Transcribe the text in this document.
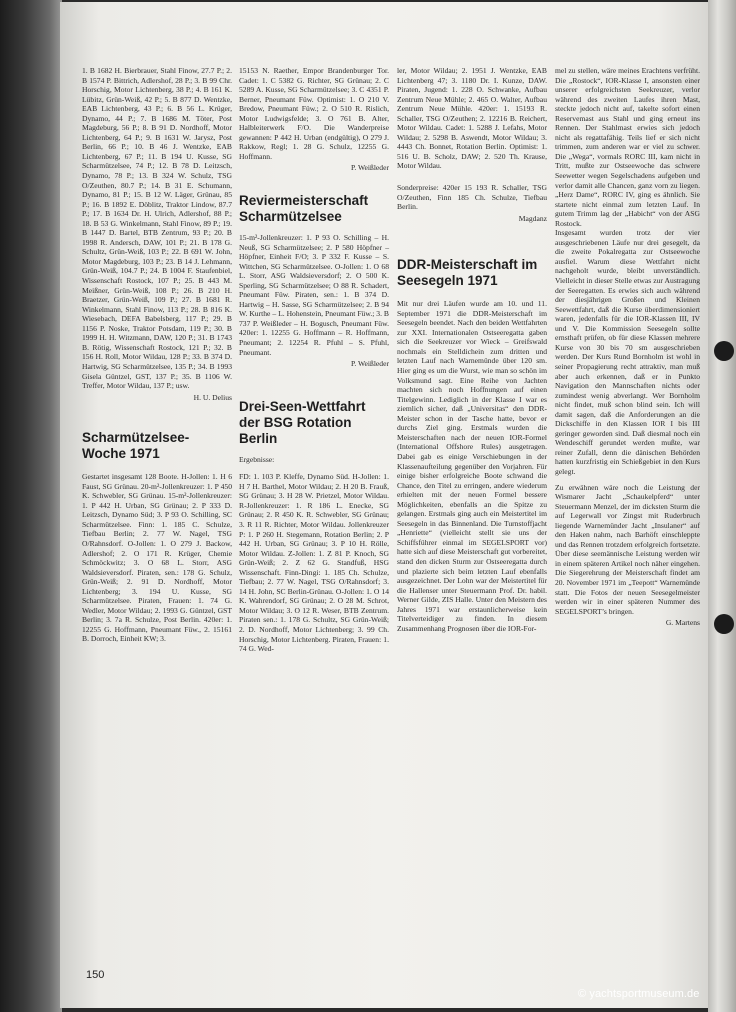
1. B 1682 H. Bierbrauer, Stahl Finow, 27.7 P.; 2. B 1574 P. Bittrich, Adlershof, 28 P.; 3. B 99 Chr. Horschig, Motor Lichtenberg, 38 P.; 4. B 161 K. Lübitz, Grün-Weiß, 42 P.; 5. B 877 D. Wentzke, EAB Lichtenberg, 43 P.; 6. B 56 L. Krüger, Dynamo, 44 P.; 7. B 1686 M. Töter, Post Magdeburg, 56 P.; 8. B 91 D. Nordhoff, Motor Lichtenberg, 64 P.; 9. B 1631 W. Jarysz, Post Berlin, 66 P.; 10. B 46 J. Wentzke, EAB Lichtenberg, 67 P.; 11. B 194 U. Kusse, SG Scharmützelsee, 74 P.; 12. B 78 D. Leitzsch, Dynamo, 78 P.; 13. B 324 W. Schulz, TSG O/Zeuthen, 80.7 P.; 14. B 31 E. Schumann, Dynamo, 81 P.; 15. B 12 W. Läger, Grünau, 85 P.; 16. B 1892 E. Döblitz, Traktor Lindow, 87.7 P.; 17. B 1634 Dr. H. Ulrich, Adlershof, 88 P.; 18. B 53 G. Winkelmann, Stahl Finow, 89 P.; 19. B 1447 D. Bartel, BTB Zentrum, 93 P.; 20. B 1998 R. Andersch, DAW, 101 P.; 21. B 178 G. Schultz, Grün-Weiß, 103 P.; 22. B 691 W. John, Motor Magdeburg, 103 P.; 23. B 14 J. Lehmann, Grün-Weiß, 104.7 P.; 24. B 1004 F. Staufenbiel, Wissenschaft Rostock, 107 P.; 25. B 443 M. Meißner, Grün-Weiß, 108 P.; 26. B 210 H. Braetzer, Grün-Weiß, 109 P.; 27. B 1681 R. Winkelmann, Stahl Finow, 113 P.; 28. B 816 K. Wiesebach, DEFA Babelsberg, 117 P.; 29. B 1156 P. Noske, Traktor Potsdam, 119 P.; 30. B 1999 H. H. Witzmann, DAW, 120 P.; 31. B 1743 B. Rötig, Wissenschaft Rostock, 121 P.; 32. B 156 H. Roll, Motor Wildau, 128 P.; 33. B 374 D. Hartwig, SG Scharmützelsee, 135 P.; 34. B 1993 Gisela Güntzel, GST, 137 P.; 35. B 1106 W. Treffer, Motor Wildau, 137 P.; usw.

H. U. Delius

Scharmützelsee-Woche 1971

Gestartet insgesamt 128 Boote. H-Jollen: 1. H 6 Faust, SG Grünau. 20-m²-Jollenkreuzer: 1. P 450 K. Schwebler, SG Grünau. 15-m²-Jollenkreuzer: 1. P 442 H. Urban, SG Grünau; 2. P 333 D. Leitzsch, Dynamo Süd; 3. P 93 O. Schilling, SC Scharmützelsee. Finn: 1. 185 C. Schulze, Tiefbau Berlin; 2. 77 W. Nagel, TSG O/Rahnsdorf. O-Jollen: 1. O 279 J. Backow, Adlershof; 2. O 171 R. Krüger, Chemie Schmöckwitz; 3. O 68 L. Storr, ASG Waldsieversdorf. Piraten, sen.: 178 G. Schulz, Grün-Weiß; 2. 91 D. Nordhoff, Motor Lichtenberg; 3. 194 U. Kusse, SG Scharmützelsee. Piraten, Frauen: 1. 74 G. Wedler, Motor Wildau; 2. 1993 G. Güntzel, GST Berlin; 3. 7a R. Schulze, Post Berlin. 420er: 1. 12255 G. Hoffmann, Pneumant Füw., 2. 15161 B. Dorroch, Einheit KW; 3.

15153 N. Raether, Empor Brandenburger Tor. Cadet: 1. C 5382 G. Richter, SG Grünau; 2. C 5289 A. Kusse, SG Scharmützelsee; 3. C 4351 P. Berner, Pneumant Füw. Optimist: 1. O 210 V. Bredow, Pneumant Füw.; 2. O 510 R. Rislich, Motor Ludwigsfelde; 3. O 761 B. Alter, Halbleiterwerk F/O. Die Wanderpreise gewannen: P 442 H. Urban (endgültig), O 279 J. Rakkow, Regl; 1. 28 G. Schulz, 12255 G. Hoffmann.

P. Weißleder

Reviermeisterschaft Scharmützelsee

15-m²-Jollenkreuzer: 1. P 93 O. Schilling – H. Neuß, SG Scharmützelsee; 2. P 580 Höpfner – Höpfner, Einheit F/O; 3. P 332 F. Kusse – S. Wittchen, SG Scharmützelsee. O-Jollen: 1. O 68 L. Storr, ASG Waldsieversdorf; 2. O 500 K. Sperling, SG Scharmützelsee; O 88 R. Schadert, Pneumant Füw. Piraten, sen.: 1. B 374 D. Hartwig – H. Sasse, SG Scharmützelsee; 2. B 94 W. Kurthe – L. Hohenstein, Pneumant Füw.; 3. B 737 P. Weißleder – H. Bogusch, Pneumant Füw. 420er: 1. 12255 G. Hoffmann – R. Hoffmann, Pneumant; 2. 12254 R. Pfuhl – S. Pfuhl, Pneumant.

P. Weißleder

Drei-Seen-Wettfahrt der BSG Rotation Berlin

Ergebnisse:

FD: 1. 103 P. Kleffe, Dynamo Süd. H-Jollen: 1. H 7 H. Barthel, Motor Wildau; 2. H 20 B. Frauß, SG Grünau; 3. H 28 W. Prietzel, Motor Wildau. R-Jollenkreuzer: 1. R 186 L. Enecke, SG Grünau; 2. R 450 K. R. Schwebler, SG Grünau; 3. R 11 R. Richter, Motor Wildau. Jollenkreuzer P: 1. P 260 H. Stegemann, Rotation Berlin; 2. P 442 H. Urban, SG Grünau; 3. P 10 H. Rölle, Motor Wildau. Z-Jollen: 1. Z 81 P. Knoch, SG Grün-Weiß; 2. Z 62 G. Standfuß, HSG Wissenschaft. Finn-Dingi: 1. 185 Ch. Schulze, Tiefbau; 2. 77 W. Nagel, TSG O/Rahnsdorf; 3. 14 H. John, SC Berlin-Grünau. O-Jollen: 1. O 14 K. Wahrendorf, SG Grünau; 2. O 28 M. Schrot, Motor Wildau; 3. O 12 R. Weser, BTB Zentrum. Piraten sen.: 1. 178 G. Schultz, SG Grün-Weiß; 2. D. Nordhoff, Motor Lichtenberg; 3. 99 Ch. Horschig, Motor Lichtenberg. Piraten, Frauen: 1. 74 G. Wed-

ler, Motor Wildau; 2. 1951 J. Wentzke, EAB Lichtenberg 47; 3. 1180 Dr. I. Kunze, DAW. Piraten, Jugend: 1. 228 O. Schwanke, Aufbau Zentrum Neue Mühle; 2. 465 O. Walter, Aufbau Zentrum Neue Mühle. 420er: 1. 15193 R. Schaller, TSG O/Zeuthen; 2. 12216 B. Reichert, Motor Wildau. Cadet: 1. 5288 J. Lefahs, Motor Wildau; 2. 5298 B. Aswendt, Motor Wildau; 3. 4443 Ch. Bonnet, Rotation Berlin. Optimist: 1. 516 U. B. Scholz, DAW; 2. 520 Th. Krause, Motor Wildau.

Sonderpreise: 420er 15 193 R. Schaller, TSG O/Zeuthen, Finn 185 Ch. Schulze, Tiefbau Berlin.

Magdanz

DDR-Meisterschaft im Seesegeln 1971

Mit nur drei Läufen wurde am 10. und 11. September 1971 die DDR-Meisterschaft im Seesegeln beendet. Nach den beiden Wettfahrten zur XXI. Internationalen Ostseeregatta gaben sich die Seekreuzer vor Wieck – Greifswald nochmals ein Stelldichein zum dritten und letzten Lauf nach Warnemünde über 120 sm. Hier ging es um die Wurst, wie man so schön im Volksmund sagt. Eine Reihe von Jachten machten sich noch Hoffnungen auf einen Titelgewinn. Lediglich in der Klasse I war es ziemlich sicher, daß „Universitas“ den DDR-Meister schon in der Tasche hatte, bevor er durchs Ziel ging. Erstmals wurden die Meisterschaften nach der neuen IOR-Formel (International Offshore Rules) ausgetragen. Dabei gab es einige Verschiebungen in der Klassenaufteilung gegenüber den Vorjahren. Für einige bisher erfolgreiche Boote schwand die Chance, den Titel zu erringen, andere wiederum erhielten mit der neuen Formel bessere Möglichkeiten, ebenfalls an die Spitze zu gelangen. Erstmals ging auch ein Meistertitel im Seesegeln in das Binnenland. Die Turnstoffjacht „Henriette“ (vielleicht stellt sie uns der Schiffsführer einmal im SEGELSPORT vor) hatte sich auf diese Meisterschaft gut vorbereitet, stand den dicken Sturm zur Ostseeregatta durch und plazierte sich beim letzten Lauf ebenfalls ausgezeichnet. Der Lohn war der Meistertitel für die Hallenser unter Steuermann Prof. Dr. habil. Werner Gilde, ZIS Halle. Unter den Meistern des Jahres 1971 war erstaunlicherweise kein Titelverteidiger zu finden. In diesem Zusammenhang Prognosen über die IOR-For-

mel zu stellen, wäre meines Erachtens verfrüht. Die „Rostock“, IOR-Klasse I, ansonsten einer unserer erfolgreichsten Seekreuzer, verlor während des zweiten Laufes ihren Mast, steckte jedoch nicht auf, takelte sofort einen Reservemast aus Stahl und ging erneut ins Rennen. Der Stahlmast erwies sich jedoch nicht als regattafähig. Teils lief er sich nicht trimmen, zum anderen war er viel zu schwer. Die „Wega“, vormals RORC III, kam nicht in Tritt, mußte zur Ostseewoche das schwere Seewetter wegen Segelschadens aufgeben und verlor damit alle Chancen, ganz vorn zu liegen. „Herz Dame“, RORC IV, ging es ähnlich. Sie startete nicht einmal zum letzten Lauf. In gutem Trimm lag der „Habicht“ von der ASG Rostock.

Insgesamt wurden trotz der vier ausgeschriebenen Läufe nur drei gesegelt, da die zweite Pokalregatta zur Ostseewoche ausfiel. Warum diese Wettfahrt nicht nachgeholt wurde, bleibt unverständlich. Vielleicht in dieser Stelle etwas zur Austragung der Seeregatten. Es erwies sich auch während der diesjährigen Großen und Kleinen Seewettfahrt, daß die Kurse überdimensioniert waren, jedenfalls für die IOR-Klassen III, IV und V. Die Kommission Seesegeln sollte ernsthaft prüfen, ob für diese Klassen mehrere Kurse von 30 bis 70 sm ausgeschrieben werden. Der Kurs Rund Bornholm ist wohl in seiner Propagierung recht attraktiv, man muß aber auch erkennen, daß er in Punkto Navigation den Mannschaften nichts oder zumindest wenig abverlangt. Wer Bornholm nicht findet, muß schon blind sein. Ich will damit sagen, daß die Anforderungen an die Dickschiffe in den Klassen IOR I bis III geringer geworden sind. Daß diesmal noch ein Wendeschiff gerundet werden mußte, war reiner Zufall, denn die dänischen Behörden hatten kurzfristig ein Schießgebiet in den Kurs gelegt.

Zu erwähnen wäre noch die Leistung der Wismarer Jacht „Schaukelpferd“ unter Steuermann Menzel, der im dicksten Sturm die auf Legerwall vor Zingst mit Ruderbruch liegende Warnemünder Jacht „Insulaner“ auf den Haken nahm, nach Barhöft einschleppte und das Rennen trotzdem erfolgreich fortsetzte. Über diese seemännische Leistung werden wir in einem späteren Artikel noch näher eingehen. Die Siegerehrung der Meisterschaft findet am 20. November 1971 im „Teepott“ Warnemünde statt. Die Fotos der neuen Seesegelmeister werden wir in einer späteren Nummer des SEGELSPORT’s bringen.

G. Martens

150
© yachtsportmuseum.de
